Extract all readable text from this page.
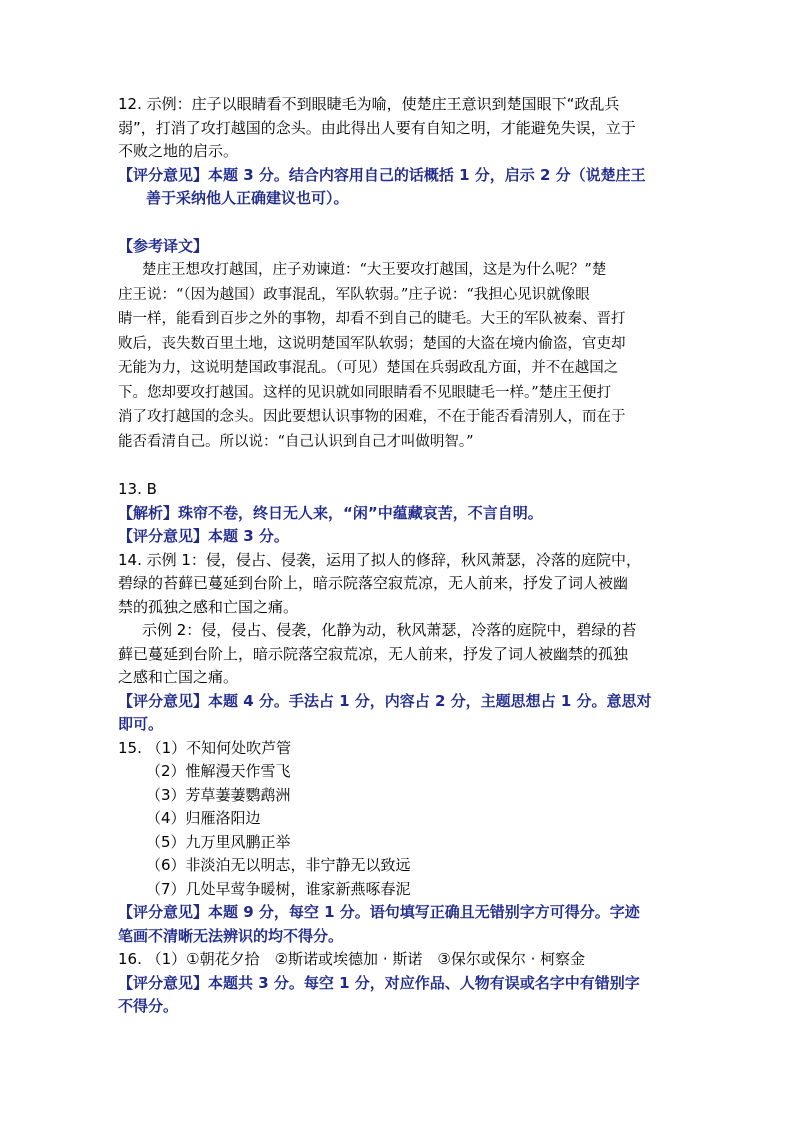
12. 示例：庄子以眼睛看不到眼睫毛为喻，使楚庄王意识到楚国眼下“政乱兵
弱”，打消了攻打越国的念头。由此得出人要有自知之明，才能避免失误，立于
不败之地的启示。
【评分意见】本题 3 分。结合内容用自己的话概括 1 分，启示 2 分（说楚庄王
善于采纳他人正确建议也可）。
【参考译文】
楚庄王想攻打越国，庄子劝谏道：“大王要攻打越国，这是为什么呢？”楚
庄王说：“（因为越国）政事混乱，军队软弱。”庄子说：“我担心见识就像眼
睛一样，能看到百步之外的事物，却看不到自己的睫毛。大王的军队被秦、晋打
败后，丧失数百里土地，这说明楚国军队软弱；楚国的大盗在境内偷盗，官吏却
无能为力，这说明楚国政事混乱。（可见）楚国在兵弱政乱方面，并不在越国之
下。您却要攻打越国。这样的见识就如同眼睛看不见眼睫毛一样。”楚庄王便打
消了攻打越国的念头。因此要想认识事物的困难，不在于能否看清别人，而在于
能否看清自己。所以说：“自己认识到自己才叫做明智。”
13. B
【解析】珠帘不卷，终日无人来，“闲”中蕴藏哀苦，不言自明。
【评分意见】本题 3 分。
14. 示例 1：侵，侵占、侵袭，运用了拟人的修辞，秋风萧瑟，冷落的庭院中，
碧绿的苔藓已蔓延到台阶上，暗示院落空寂荒凉，无人前来，抒发了词人被幽
禁的孤独之感和亡国之痛。
示例 2：侵，侵占、侵袭，化静为动，秋风萧瑟，冷落的庭院中，碧绿的苔
藓已蔓延到台阶上，暗示院落空寂荒凉，无人前来，抒发了词人被幽禁的孤独
之感和亡国之痛。
【评分意见】本题 4 分。手法占 1 分，内容占 2 分，主题思想占 1 分。意思对
即可。
15. （1）不知何处吹芦管
（2）惟解漫天作雪飞
（3）芳草萋萋鹦鹉洲
（4）归雁洛阳边
（5）九万里风鹏正举
（6）非淡泊无以明志，非宁静无以致远
（7）几处早莺争暖树，谁家新燕啄春泥
【评分意见】本题 9 分，每空 1 分。语句填写正确且无错别字方可得分。字迹
笔画不清晰无法辨识的均不得分。
16. （1）①朝花夕拾　②斯诺或埃德加 · 斯诺　③保尔或保尔 · 柯察金
【评分意见】本题共 3 分。每空 1 分，对应作品、人物有误或名字中有错别字
不得分。
